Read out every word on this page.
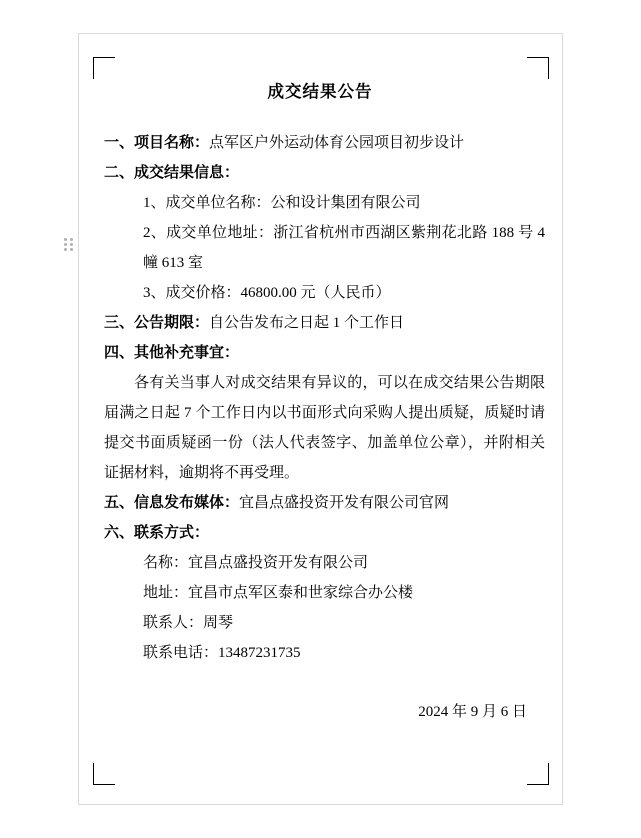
成交结果公告
一、项目名称：点军区户外运动体育公园项目初步设计
二、成交结果信息：
1、成交单位名称：公和设计集团有限公司
2、成交单位地址：浙江省杭州市西湖区紫荆花北路 188 号 4 幢 613 室
3、成交价格：46800.00 元（人民币）
三、公告期限：自公告发布之日起 1 个工作日
四、其他补充事宜：
各有关当事人对成交结果有异议的，可以在成交结果公告期限届满之日起 7 个工作日内以书面形式向采购人提出质疑，质疑时请提交书面质疑函一份（法人代表签字、加盖单位公章），并附相关证据材料，逾期将不再受理。
五、信息发布媒体：宜昌点盛投资开发有限公司官网
六、联系方式：
名称：宜昌点盛投资开发有限公司
地址：宜昌市点军区泰和世家综合办公楼
联系人：周琴
联系电话：13487231735
2024 年 9 月 6 日
